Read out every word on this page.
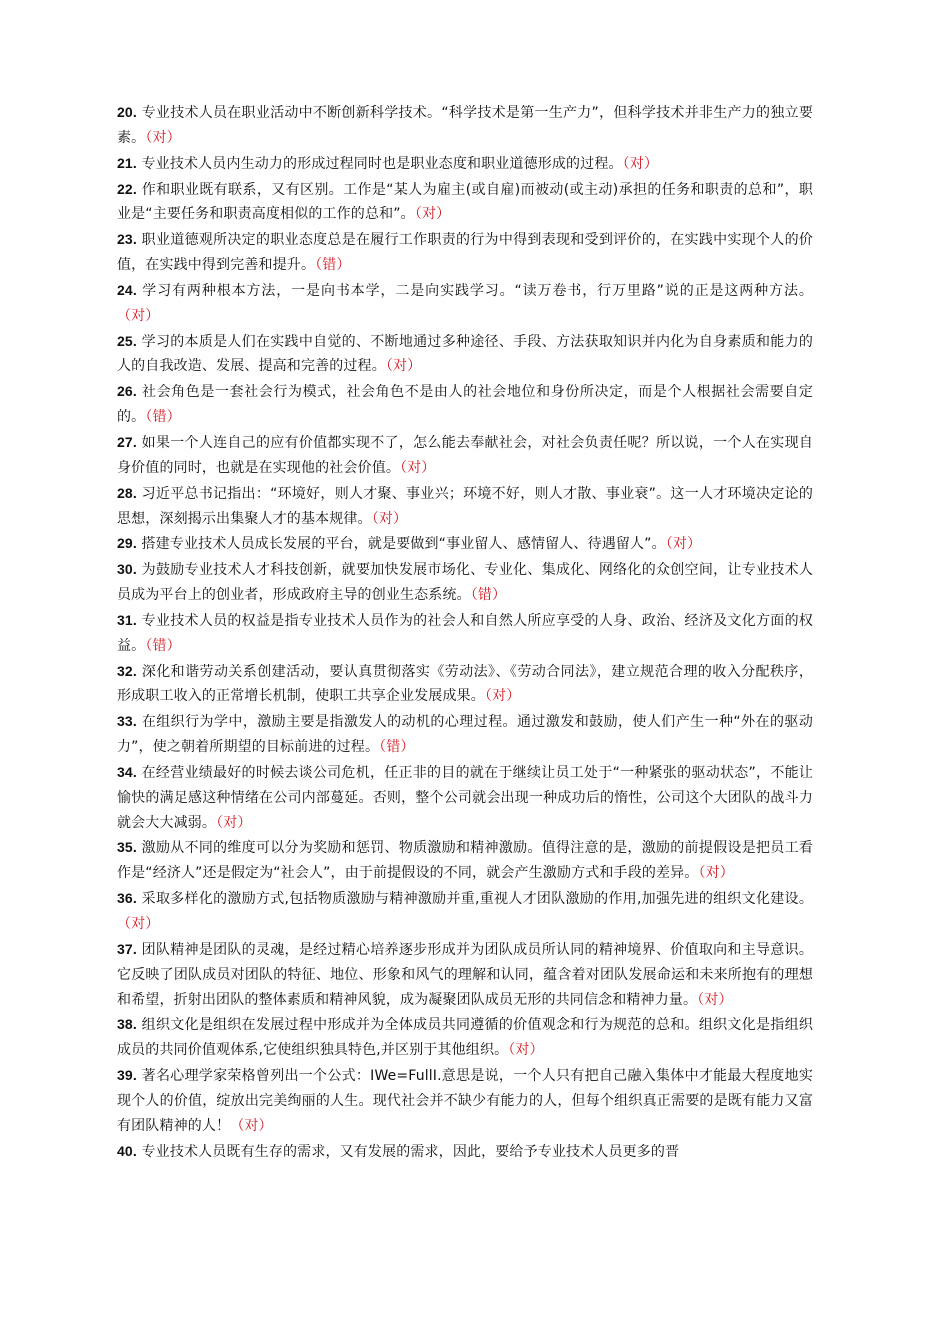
20. 专业技术人员在职业活动中不断创新科学技术。“科学技术是第一生产力”，但科学技术并非生产力的独立要素。（对）

21. 专业技术人员内生动力的形成过程同时也是职业态度和职业道德形成的过程。（对）

22. 作和职业既有联系，又有区别。工作是“某人为雇主(或自雇)而被动(或主动)承担的任务和职责的总和”，职业是“主要任务和职责高度相似的工作的总和”。（对）

23. 职业道德观所决定的职业态度总是在履行工作职责的行为中得到表现和受到评价的，在实践中实现个人的价值，在实践中得到完善和提升。（错）

24. 学习有两种根本方法，一是向书本学，二是向实践学习。“读万卷书，行万里路”说的正是这两种方法。（对）

25. 学习的本质是人们在实践中自觉的、不断地通过多种途径、手段、方法获取知识并内化为自身素质和能力的人的自我改造、发展、提高和完善的过程。（对）

26. 社会角色是一套社会行为模式，社会角色不是由人的社会地位和身份所决定，而是个人根据社会需要自定的。（错）

27. 如果一个人连自己的应有价值都实现不了，怎么能去奉献社会，对社会负责任呢？所以说，一个人在实现自身价值的同时，也就是在实现他的社会价值。（对）

28. 习近平总书记指出：“环境好，则人才聚、事业兴；环境不好，则人才散、事业衰”。这一人才环境决定论的思想，深刻揭示出集聚人才的基本规律。（对）

29. 搭建专业技术人员成长发展的平台，就是要做到“事业留人、感情留人、待遇留人”。（对）

30. 为鼓励专业技术人才科技创新，就要加快发展市场化、专业化、集成化、网络化的众创空间，让专业技术人员成为平台上的创业者，形成政府主导的创业生态系统。（错）

31. 专业技术人员的权益是指专业技术人员作为的社会人和自然人所应享受的人身、政治、经济及文化方面的权益。（错）

32. 深化和谐劳动关系创建活动，要认真贯彻落实《劳动法》、《劳动合同法》，建立规范合理的收入分配秩序，形成职工收入的正常增长机制，使职工共享企业发展成果。（对）

33. 在组织行为学中，激励主要是指激发人的动机的心理过程。通过激发和鼓励，使人们产生一种“外在的驱动力”，使之朝着所期望的目标前进的过程。（错）

34. 在经营业绩最好的时候去谈公司危机，任正非的目的就在于继续让员工处于“一种紧张的驱动状态”，不能让愉快的满足感这种情绪在公司内部蔓延。否则，整个公司就会出现一种成功后的惰性，公司这个大团队的战斗力就会大大减弱。（对）

35. 激励从不同的维度可以分为奖励和惩罚、物质激励和精神激励。值得注意的是，激励的前提假设是把员工看作是“经济人”还是假定为“社会人”，由于前提假设的不同，就会产生激励方式和手段的差异。（对）

36. 采取多样化的激励方式,包括物质激励与精神激励并重,重视人才团队激励的作用,加强先进的组织文化建设。（对）

37. 团队精神是团队的灵魂，是经过精心培养逐步形成并为团队成员所认同的精神境界、价值取向和主导意识。它反映了团队成员对团队的特征、地位、形象和风气的理解和认同，蕴含着对团队发展命运和未来所抱有的理想和希望，折射出团队的整体素质和精神风貌，成为凝聚团队成员无形的共同信念和精神力量。（对）

38. 组织文化是组织在发展过程中形成并为全体成员共同遵循的价值观念和行为规范的总和。组织文化是指组织成员的共同价值观体系,它使组织独具特色,并区别于其他组织。（对）

39. 著名心理学家荣格曾列出一个公式：IWe=FullI.意思是说，一个人只有把自己融入集体中才能最大程度地实现个人的价值，绽放出完美绚丽的人生。现代社会并不缺少有能力的人，但每个组织真正需要的是既有能力又富有团队精神的人！（对）

40. 专业技术人员既有生存的需求，又有发展的需求，因此，要给予专业技术人员更多的晋
